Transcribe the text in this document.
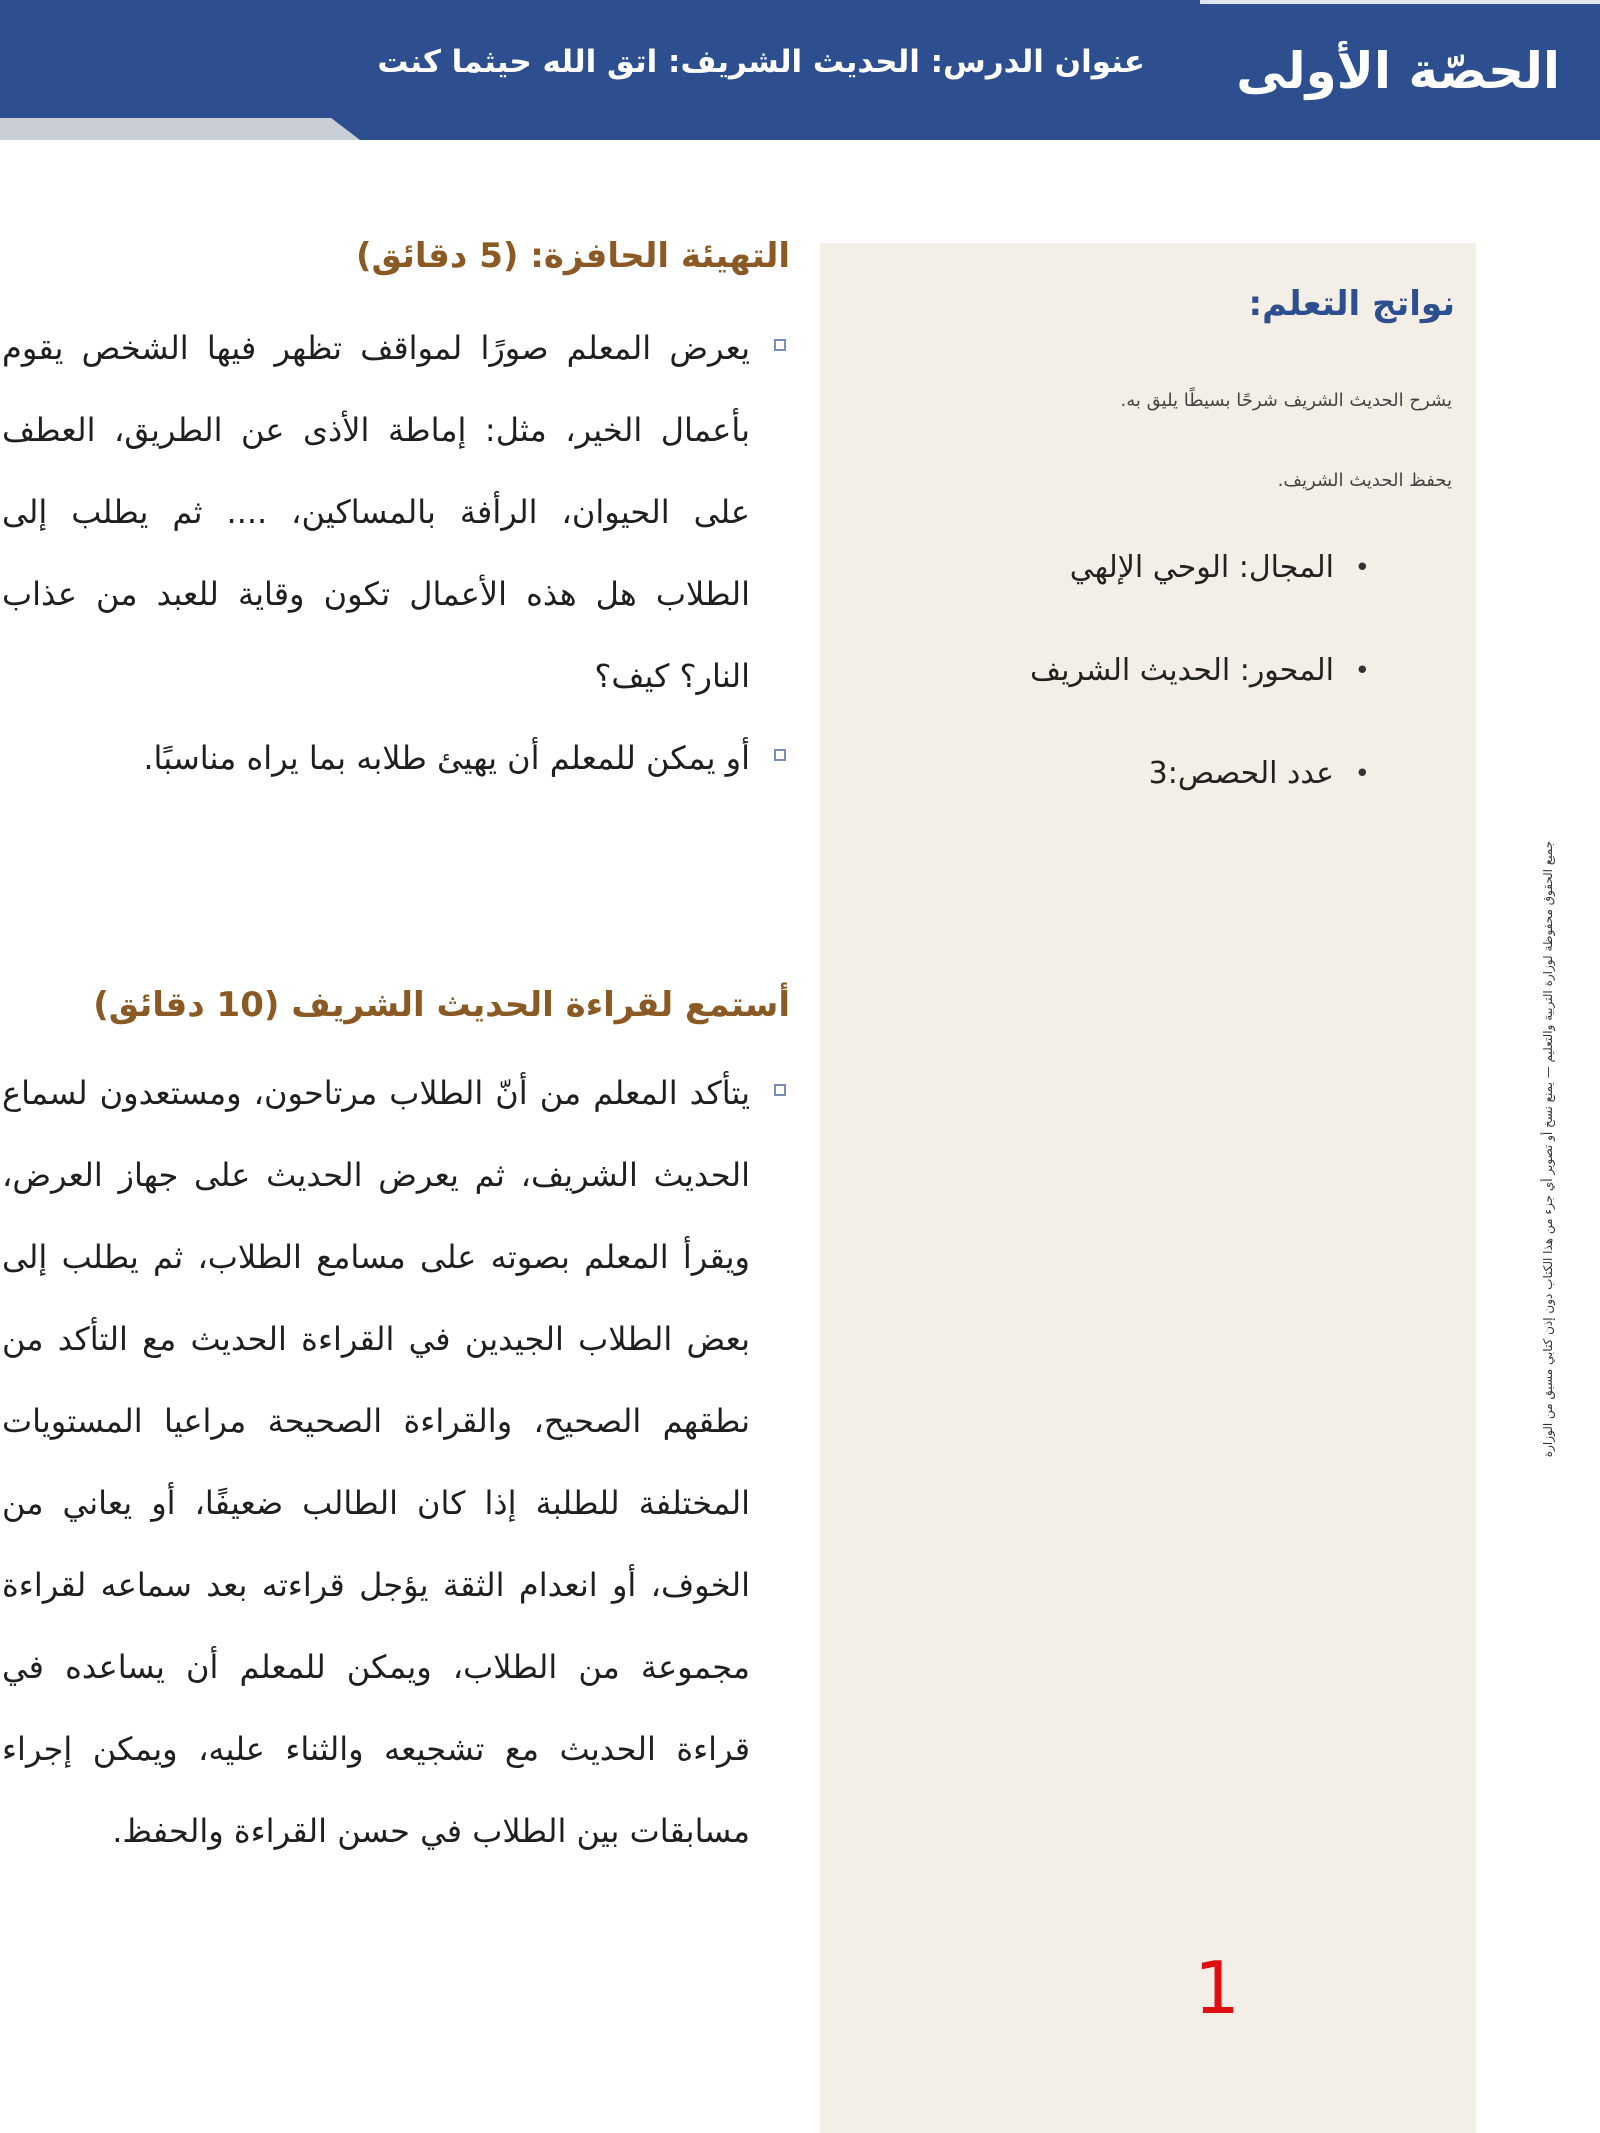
الحصّة الأولى
عنوان الدرس: الحديث الشريف: اتق الله حيثما كنت
نواتج التعلم:
يشرح الحديث الشريف شرحًا بسيطًا يليق به.
يحفظ الحديث الشريف.
• المجال: الوحي الإلهي
• المحور: الحديث الشريف
• عدد الحصص:3
1
جميع الحقوق محفوظة لوزارة التربية والتعليم — يمنع نسخ أو تصوير أي جزء من هذا الكتاب دون إذن كتابي مسبق من الوزارة
التهيئة الحافزة: (5 دقائق)
يعرض المعلم صورًا لمواقف تظهر فيها الشخص يقوم بأعمال الخير، مثل: إماطة الأذى عن الطريق، العطف على الحيوان، الرأفة بالمساكين، .... ثم يطلب إلى الطلاب هل هذه الأعمال تكون وقاية للعبد من عذاب النار؟ كيف؟
أو يمكن للمعلم أن يهيئ طلابه بما يراه مناسبًا.
أستمع لقراءة الحديث الشريف (10 دقائق)
يتأكد المعلم من أنّ الطلاب مرتاحون، ومستعدون لسماع الحديث الشريف، ثم يعرض الحديث على جهاز العرض، ويقرأ المعلم بصوته على مسامع الطلاب، ثم يطلب إلى بعض الطلاب الجيدين في القراءة الحديث مع التأكد من نطقهم الصحيح، والقراءة الصحيحة مراعيا المستويات المختلفة للطلبة إذا كان الطالب ضعيفًا، أو يعاني من الخوف، أو انعدام الثقة يؤجل قراءته بعد سماعه لقراءة مجموعة من الطلاب، ويمكن للمعلم أن يساعده في قراءة الحديث مع تشجيعه والثناء عليه، ويمكن إجراء مسابقات بين الطلاب في حسن القراءة والحفظ.
